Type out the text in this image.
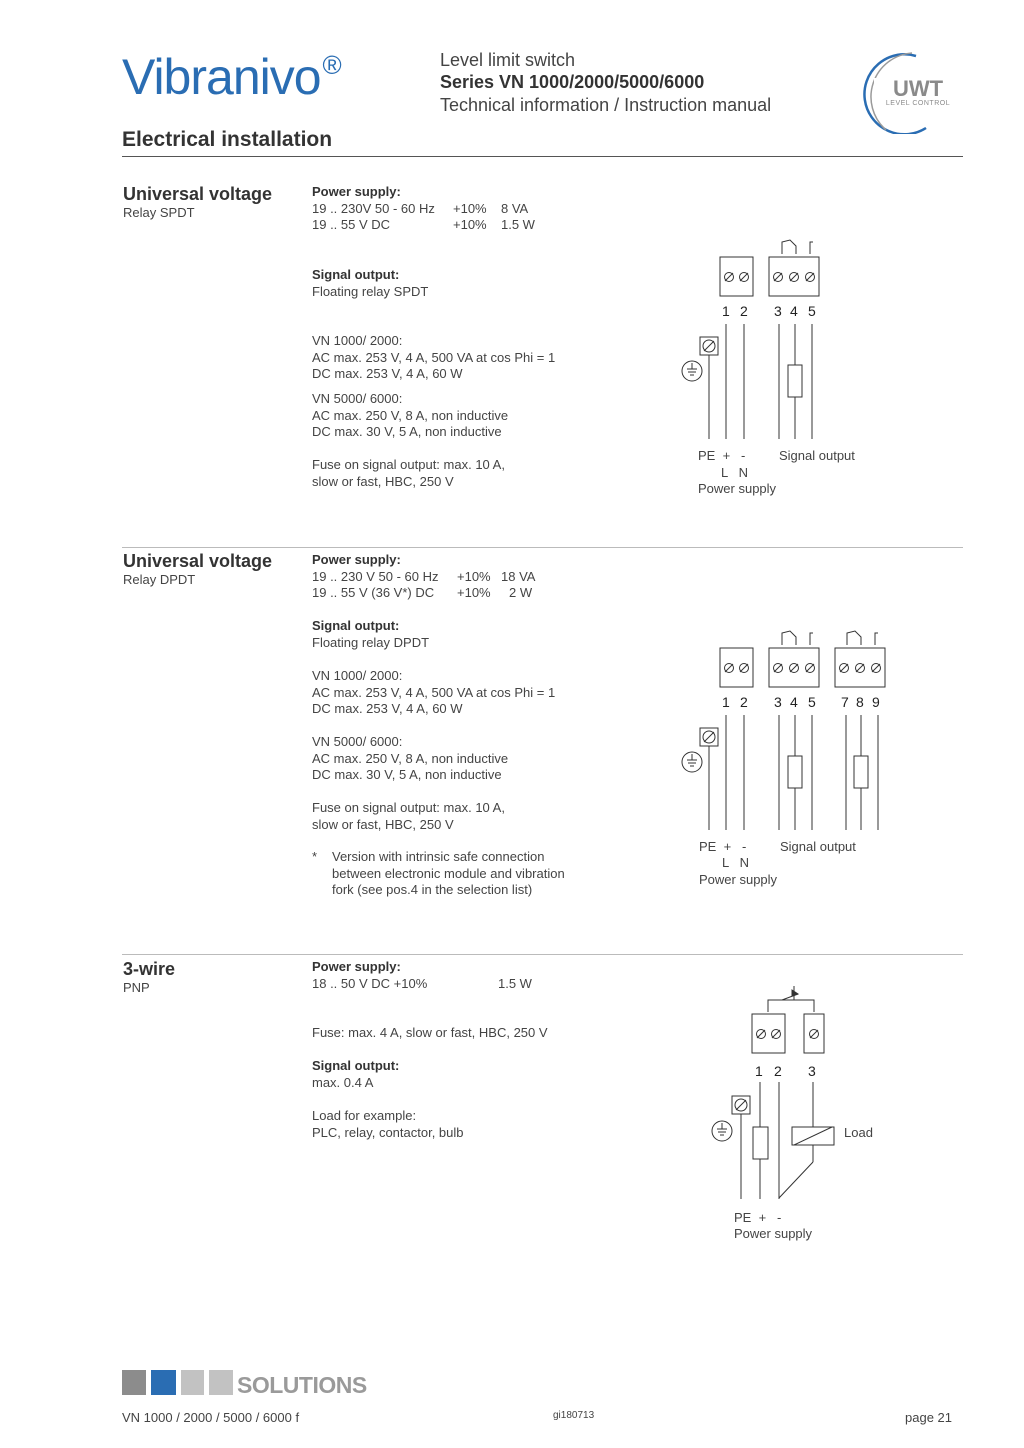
Vibranivo®	Level limit switch
Series VN 1000/2000/5000/6000
Technical information / Instruction manual
UWT
LEVEL CONTROL
Electrical installation
Universal voltage
Relay SPDT
Power supply:
19 .. 230V 50 - 60 Hz +10% 8 VA
19 .. 55 V DC	+10% 1.5 W
Signal output:
Floating relay SPDT
VN 1000/ 2000:
AC max. 253 V, 4 A, 500 VA at cos Phi = 1
DC max. 253 V, 4 A, 60 W
VN 5000/ 6000:
AC max. 250 V, 8 A, non inductive
DC max. 30 V, 5 A, non inductive
Fuse on signal output: max. 10 A,
slow or fast, HBC, 250 V
1 2 3 4 5
PE  +   -
L   N
Power supply
Signal output
Universal voltage
Relay DPDT
Power supply:
19 .. 230 V 50 - 60 Hz +10% 18 VA
19 .. 55 V (36 V*) DC +10% 2 W
Signal output:
Floating relay DPDT
VN 1000/ 2000:
AC max. 253 V, 4 A, 500 VA at cos Phi = 1
DC max. 253 V, 4 A, 60 W
VN 5000/ 6000:
AC max. 250 V, 8 A, non inductive
DC max. 30 V, 5 A, non inductive
Fuse on signal output: max. 10 A,
slow or fast, HBC, 250 V
* Version with intrinsic safe connection
between electronic module and vibration
fork (see pos.4 in the selection list)
1 2 3 4 5 7 8 9
PE  +   -
L   N
Power supply
Signal output
3-wire
PNP
Power supply:
18 .. 50 V DC +10%	1.5 W
Fuse: max. 4 A, slow or fast, HBC, 250 V
Signal output:
max. 0.4 A
Load for example:
PLC, relay, contactor, bulb
1 2 3
Load
PE  +   -
Power supply
SOLUTIONS
VN 1000 / 2000 / 5000 / 6000 f	gi180713	page 21
